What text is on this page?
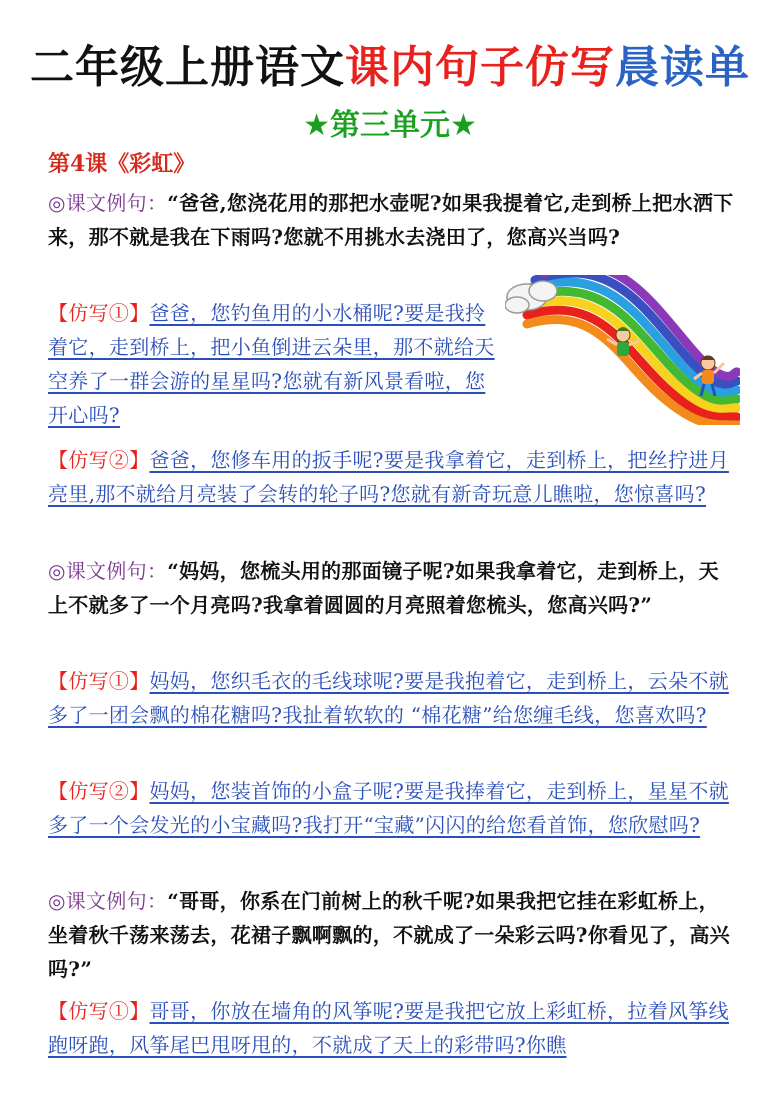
二年级上册语文课内句子仿写晨读单
★第三单元★
第4课《彩虹》
◎课文例句：“爸爸,您浇花用的那把水壶呢?如果我提着它,走到桥上把水洒下来，那不就是我在下雨吗?您就不用挑水去浇田了，您高兴当吗?
【仿写①】爸爸，您钓鱼用的小水桶呢?要是我拎着它，走到桥上，把小鱼倒进云朵里，那不就给天空养了一群会游的星星吗?您就有新风景看啦，您开心吗?
【仿写②】爸爸，您修车用的扳手呢?要是我拿着它，走到桥上，把丝拧进月亮里,那不就给月亮装了会转的轮子吗?您就有新奇玩意儿瞧啦，您惊喜吗?
◎课文例句：“妈妈，您梳头用的那面镜子呢?如果我拿着它，走到桥上，天上不就多了一个月亮吗?我拿着圆圆的月亮照着您梳头，您高兴吗?”
【仿写①】妈妈，您织毛衣的毛线球呢?要是我抱着它，走到桥上，云朵不就多了一团会飘的棉花糖吗?我扯着软软的 “棉花糖”给您缠毛线，您喜欢吗?
【仿写②】妈妈，您装首饰的小盒子呢?要是我捧着它，走到桥上，星星不就多了一个会发光的小宝藏吗?我打开“宝藏”闪闪的给您看首饰，您欣慰吗?
◎课文例句：“哥哥，你系在门前树上的秋千呢?如果我把它挂在彩虹桥上，坐着秋千荡来荡去，花裙子飘啊飘的，不就成了一朵彩云吗?你看见了，高兴吗?”
【仿写①】哥哥，你放在墙角的风筝呢?要是我把它放上彩虹桥，拉着风筝线跑呀跑，风筝尾巴甩呀甩的，不就成了天上的彩带吗?你瞧
